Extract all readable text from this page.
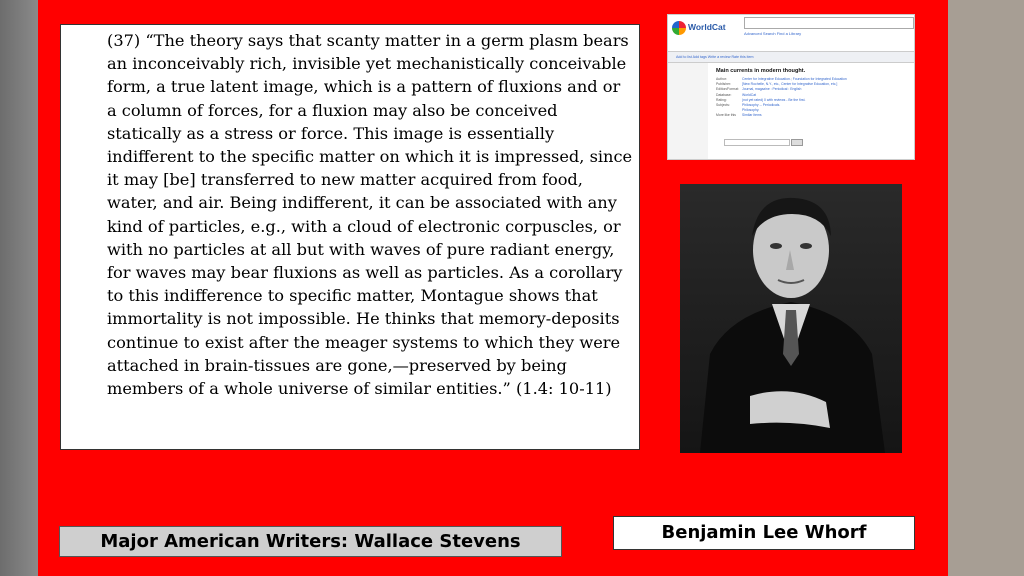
(37) “The theory says that scanty matter in a germ plasm bears an inconceivably rich, invisible yet mechanistically conceivable form, a true latent image, which is a pattern of fluxions and or a column of forces, for a fluxion may also be conceived statically as a stress or force. This image is essentially indifferent to the specific matter on which it is impressed, since it may [be] transferred to new matter acquired from food, water, and air. Being indifferent, it can be associated with any kind of particles, e.g., with a cloud of electronic corpuscles, or with no particles at all but with waves of pure radiant energy, for waves may bear fluxions as well as particles. As a corollary to this indifference to specific matter, Montague shows that immortality is not impossible. He thinks that memory-deposits continue to exist after the meager systems to which they were attached in brain-tissues are gone,—preserved by being members of a whole universe of similar entities.” (1.4: 10-11)

WorldCat
Advanced Search Find a Library
Add to list Add tags Write a review Rate this item
Main currents in modern thought.
Author:	Center for Integrative Education.; Foundation for Integrated Education
Publisher:	[New Rochelle, N.Y., etc., Center for Integrative Education, etc.]
Edition/Format: Journal, magazine : Periodical : English
Database:	WorldCat
Rating:	(not yet rated) 0 with reviews - Be the first.
Subjects:	Philosophy -- Periodicals.
Philosophy.
More like this Similar Items
Major American Writers: Wallace Stevens	Benjamin Lee Whorf
